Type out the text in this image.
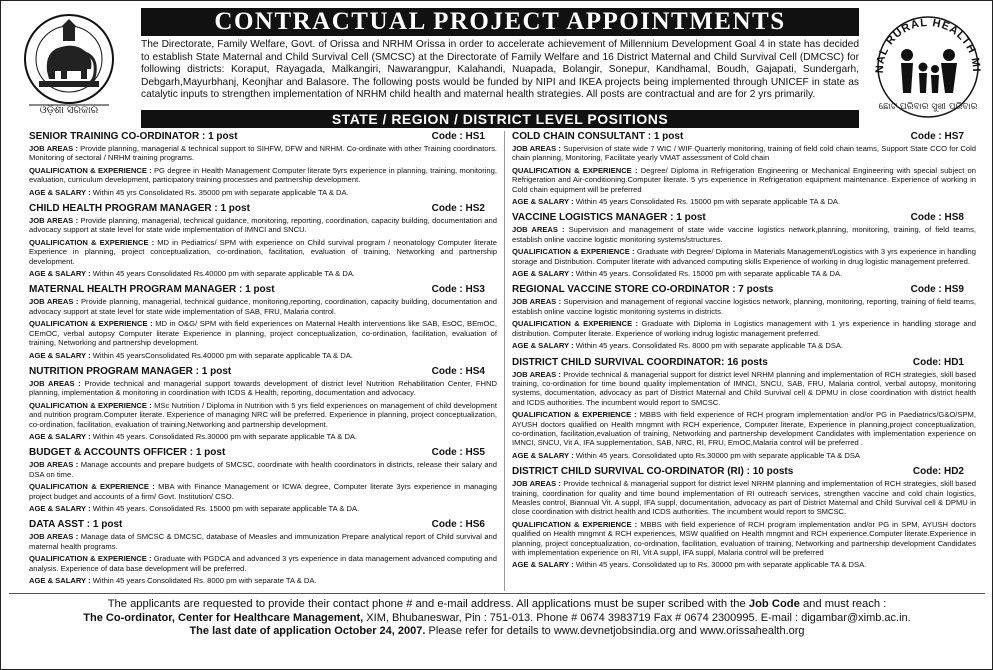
ଓଡ଼ିଶା ସରକାର
NAL RURAL HEALTH MI
ଛୋଟ ପରିବାର ସୁଖୀ ପରିବାର
CONTRACTUAL PROJECT APPOINTMENTS
The Directorate, Family Welfare, Govt. of Orissa and NRHM Orissa in order to accelerate achievement of Millennium Development Goal 4 in state has decided to establish State Maternal and Child Survival Cell (SMCSC) at the Directorate of Family Welfare and 16 District Maternal and Child Survival Cell (DMCSC) for following districts: Koraput, Rayagada, Malkangiri, Nawarangpur, Kalahandi, Nuapada, Bolangir, Sonepur, Kandhamal, Boudh, Gajapati, Sundergarh, Debgarh,Mayurbhanj, Keonjhar and Balasore. The following posts would be funded by NIPI and IKEA projects being implemented through UNICEF in state as catalytic inputs to strengthen implementation of NRHM child health and maternal health strategies. All posts are contractual and are for 2 yrs primarily.
STATE / REGION / DISTRICT LEVEL POSITIONS
SENIOR TRAINING CO-ORDINATOR : 1 post	Code : HS1

JOB AREAS : Provide planning, managerial & technical support to SIHFW, DFW and NRHM. Co-ordinate with other Training coordinators. Monitoring of sectoral / NRHM training programs.

QUALIFICATION & EXPERIENCE : PG degree in Health Management Computer literate 5yrs experience in planning, training, monitoring, evaluation, curriculum development, participatory training processes and partnership development.

AGE & SALARY : Within 45 yrs Consolidated Rs. 35000 pm with separate applicable TA & DA.

CHILD HEALTH PROGRAM MANAGER : 1 post	Code : HS2

JOB AREAS : Provide planning, managerial, technical guidance, monitoring, reporting, coordination, capacity building, documentation and advocacy support at state level for state wide implementation of IMNCI and SNCU.

QUALIFICATION & EXPERIENCE : MD in Pediatrics/ SPM with experience on Child survival program / neonatology Computer literate Experience in planning, project conceptualization, co-ordination, facilitation, evaluation of training, Networking and partnership development.

AGE & SALARY : Within 45 years Consolidated Rs.40000 pm with separate applicable TA & DA.

MATERNAL HEALTH PROGRAM MANAGER : 1 post	Code : HS3

JOB AREAS : Provide planning, managerial, technical guidance, monitoring,reporting, coordination, capacity building, documentation and advocacy support at state level for state wide implementation of SAB, FRU, Malaria control.

QUALIFICATION & EXPERIENCE : MD in O&G/ SPM with field experiences on Maternal Health interventions like SAB, EsOC, BEmOC, CEmOC, verbal autopsy Computer literate Experience in planning, project conceptualization, co-ordination, facilitation, evaluation of training, Networking and partnership development.

AGE & SALARY : Within 45 yearsConsolidated Rs.40000 pm with separate applicable TA & DA.

NUTRITION PROGRAM MANAGER : 1 post	Code : HS4

JOB AREAS : Provide technical and managerial support towards development of district level Nutrition Rehabilitation Center, FHND planning, implementation & monitoring in coordination with ICDS & Health, reporting, documentation and advocacy.

QUALIFICATION & EXPERIENCE : MSc Nutrition / Diploma in Nutrition with 5 yrs field experiences on management of child development and nutrition program.Computer literate. Experience of managing NRC will be preferred. Experience in planning, project conceptualization, co-ordination, facilitation, evaluation of training,Networking and partnership development.

AGE & SALARY : Within 45 years. Consolidated Rs.30000 pm with separate applicable TA & DA.

BUDGET & ACCOUNTS OFFICER : 1 post	Code : HS5

JOB AREAS : Manage accounts and prepare budgets of SMCSC, coordinate with health coordinators in districts, release their salary and DSA on time.

QUALIFICATION & EXPERIENCE : MBA with Finance Management or ICWA degree, Computer literate 3yrs experience in managing project budget and accounts of a firm/ Govt. Institution/ CSO.

AGE & SALARY : Within 45 years. Consolidated Rs. 15000 pm with separate applicable TA & DA.

DATA ASST : 1 post	Code : HS6

JOB AREAS : Manage data of SMCSC & DMCSC, database of Measles and immunization Prepare analytical report of Child survival and maternal health programs.

QUALIFICATION & EXPERIENCE : Graduate with PGDCA and advanced 3 yrs experience in data management advanced computing and analysis. Experience of data base development will be preferred.

AGE & SALARY : Within 45 years Consolidated Rs. 8000 pm with separate TA & DA.

COLD CHAIN CONSULTANT : 1 post	Code : HS7

JOB AREAS : Supervision of state wide 7 WIC / WIF Quarterly monitoring, training of field cold chain teams, Support State CCO for Cold chain planning, Monitoring, Facilitate yearly VMAT assessment of Cold chain

QUALIFICATION & EXPERIENCE : Degree/ Diploma in Refrigeration Engineering or Mechanical Engineering with special subject on Refrigeration and Air-conditioning.Computer literate. 5 yrs experience in Refrigeration equipment maintenance. Experience of working in Cold chain equipment will be preferred

AGE & SALARY : Within 45 years Consolidated Rs. 15000 pm with separate applicable TA & DA.

VACCINE LOGISTICS MANAGER : 1 post	Code : HS8

JOB AREAS : Supervision and management of state wide vaccine logistics network,planning, monitoring, training, of field teams, establish online vaccine logistic monitoring systems/structures.

QUALIFICATION & EXPERIENCE : Graduate with Degree/ Diploma in Materials Management/Logistics with 3 yrs experience in handling storage and Distribution. Computer literate with advanced computing skills Experience of working in drug logistic management preferred.

AGE & SALARY : Within 45 years. Consolidated Rs. 15000 pm with separate applicable TA & DA.

REGIONAL VACCINE STORE CO-ORDINATOR : 7 posts	Code : HS9

JOB AREAS : Supervision and management of regional vaccine logistics network, planning, monitoring, reporting, training of field teams, establish online vaccine logistic monitoring systems in districts.

QUALIFICATION & EXPERIENCE : Graduate with Diploma in Logistics management with 1 yrs experience in handling storage and distribution. Computer literate. Experience of working indrug logistic management preferred.

AGE & SALARY : Within 45 years. Consolidated Rs. 8000 pm with separate applicable TA & DSA.

DISTRICT CHILD SURVIVAL COORDINATOR: 16 posts	Code: HD1

JOB AREAS : Provide technical & managerial support for district level NRHM planning and implementation of RCH strategies, skill based training, co-ordination for time bound quality implementation of IMNCI, SNCU, SAB, FRU, Malaria control, verbal autopsy, monitoring systems, documentation, advocacy as part of District Maternal and Child Survival cell & DPMU in close coordination with district health and ICDS authorities. The incumbent would report to SMCSC.

QUALIFICATION & EXPERIENCE : MBBS with field experience of RCH program implementation and/or PG in Paediatrics/G&O/SPM, AYUSH doctors qualified on Health mngmnt with RCH experience, Computer literate, Experience in planning,project conceptualization, co-ordination, facilitation,evaluation of training, Networking and partnership development Candidates with implementation experience on IMNCI, SNCU, Vit A, IFA supplementation, SAB, NRC, RI, FRU, EmOC,Malaria control will be preferred .

AGE & SALARY : Within 45 years. Consolidated upto Rs.30000 pm with separate applicable TA & DSA

DISTRICT CHILD SURVIVAL CO-ORDINATOR (RI) : 10 posts	Code: HD2

JOB AREAS : Provide technical & managerial support for district level NRHM planning and implementation of RCH strategies, skill based training, coordination for quality and time bound implementation of RI outreach services, strengthen vaccine and cold chain logistics, Measles control, Biannual Vit. A suppl, IFA suppl, documentation, advocacy as part of District Maternal and Child Survival cell & DPMU in close coordination with district health and ICDS authorities. The incumbent would report to SMCSC.

QUALIFICATION & EXPERIENCE : MBBS with field experience of RCH program implementation and/or PG in SPM, AYUSH doctors qualified on Health mngmnt & RCH experiences, MSW qualified on Health mngmnt and RCH experience.Computer literate.Experience in planning, project conceptualization, co-ordination, facilitation, evaluation of training, Networking and partnership development Candidates with implementation experience on RI, Vit A suppl, IFA suppl, Malaria control will be preferred

AGE & SALARY : Within 45 years. Consolidated up to Rs. 30000 pm with separate applicable TA & DSA.

The applicants are requested to provide their contact phone # and e-mail address. All applications must be super scribed with the Job Code and must reach :
The Co-ordinator, Center for Healthcare Management, XIM, Bhubaneswar, Pin : 751-013. Phone # 0674 3983719 Fax # 0674 2300995. E-mail : digambar@ximb.ac.in.
The last date of application October 24, 2007. Please refer for details to www.devnetjobsindia.org and www.orissahealth.org
